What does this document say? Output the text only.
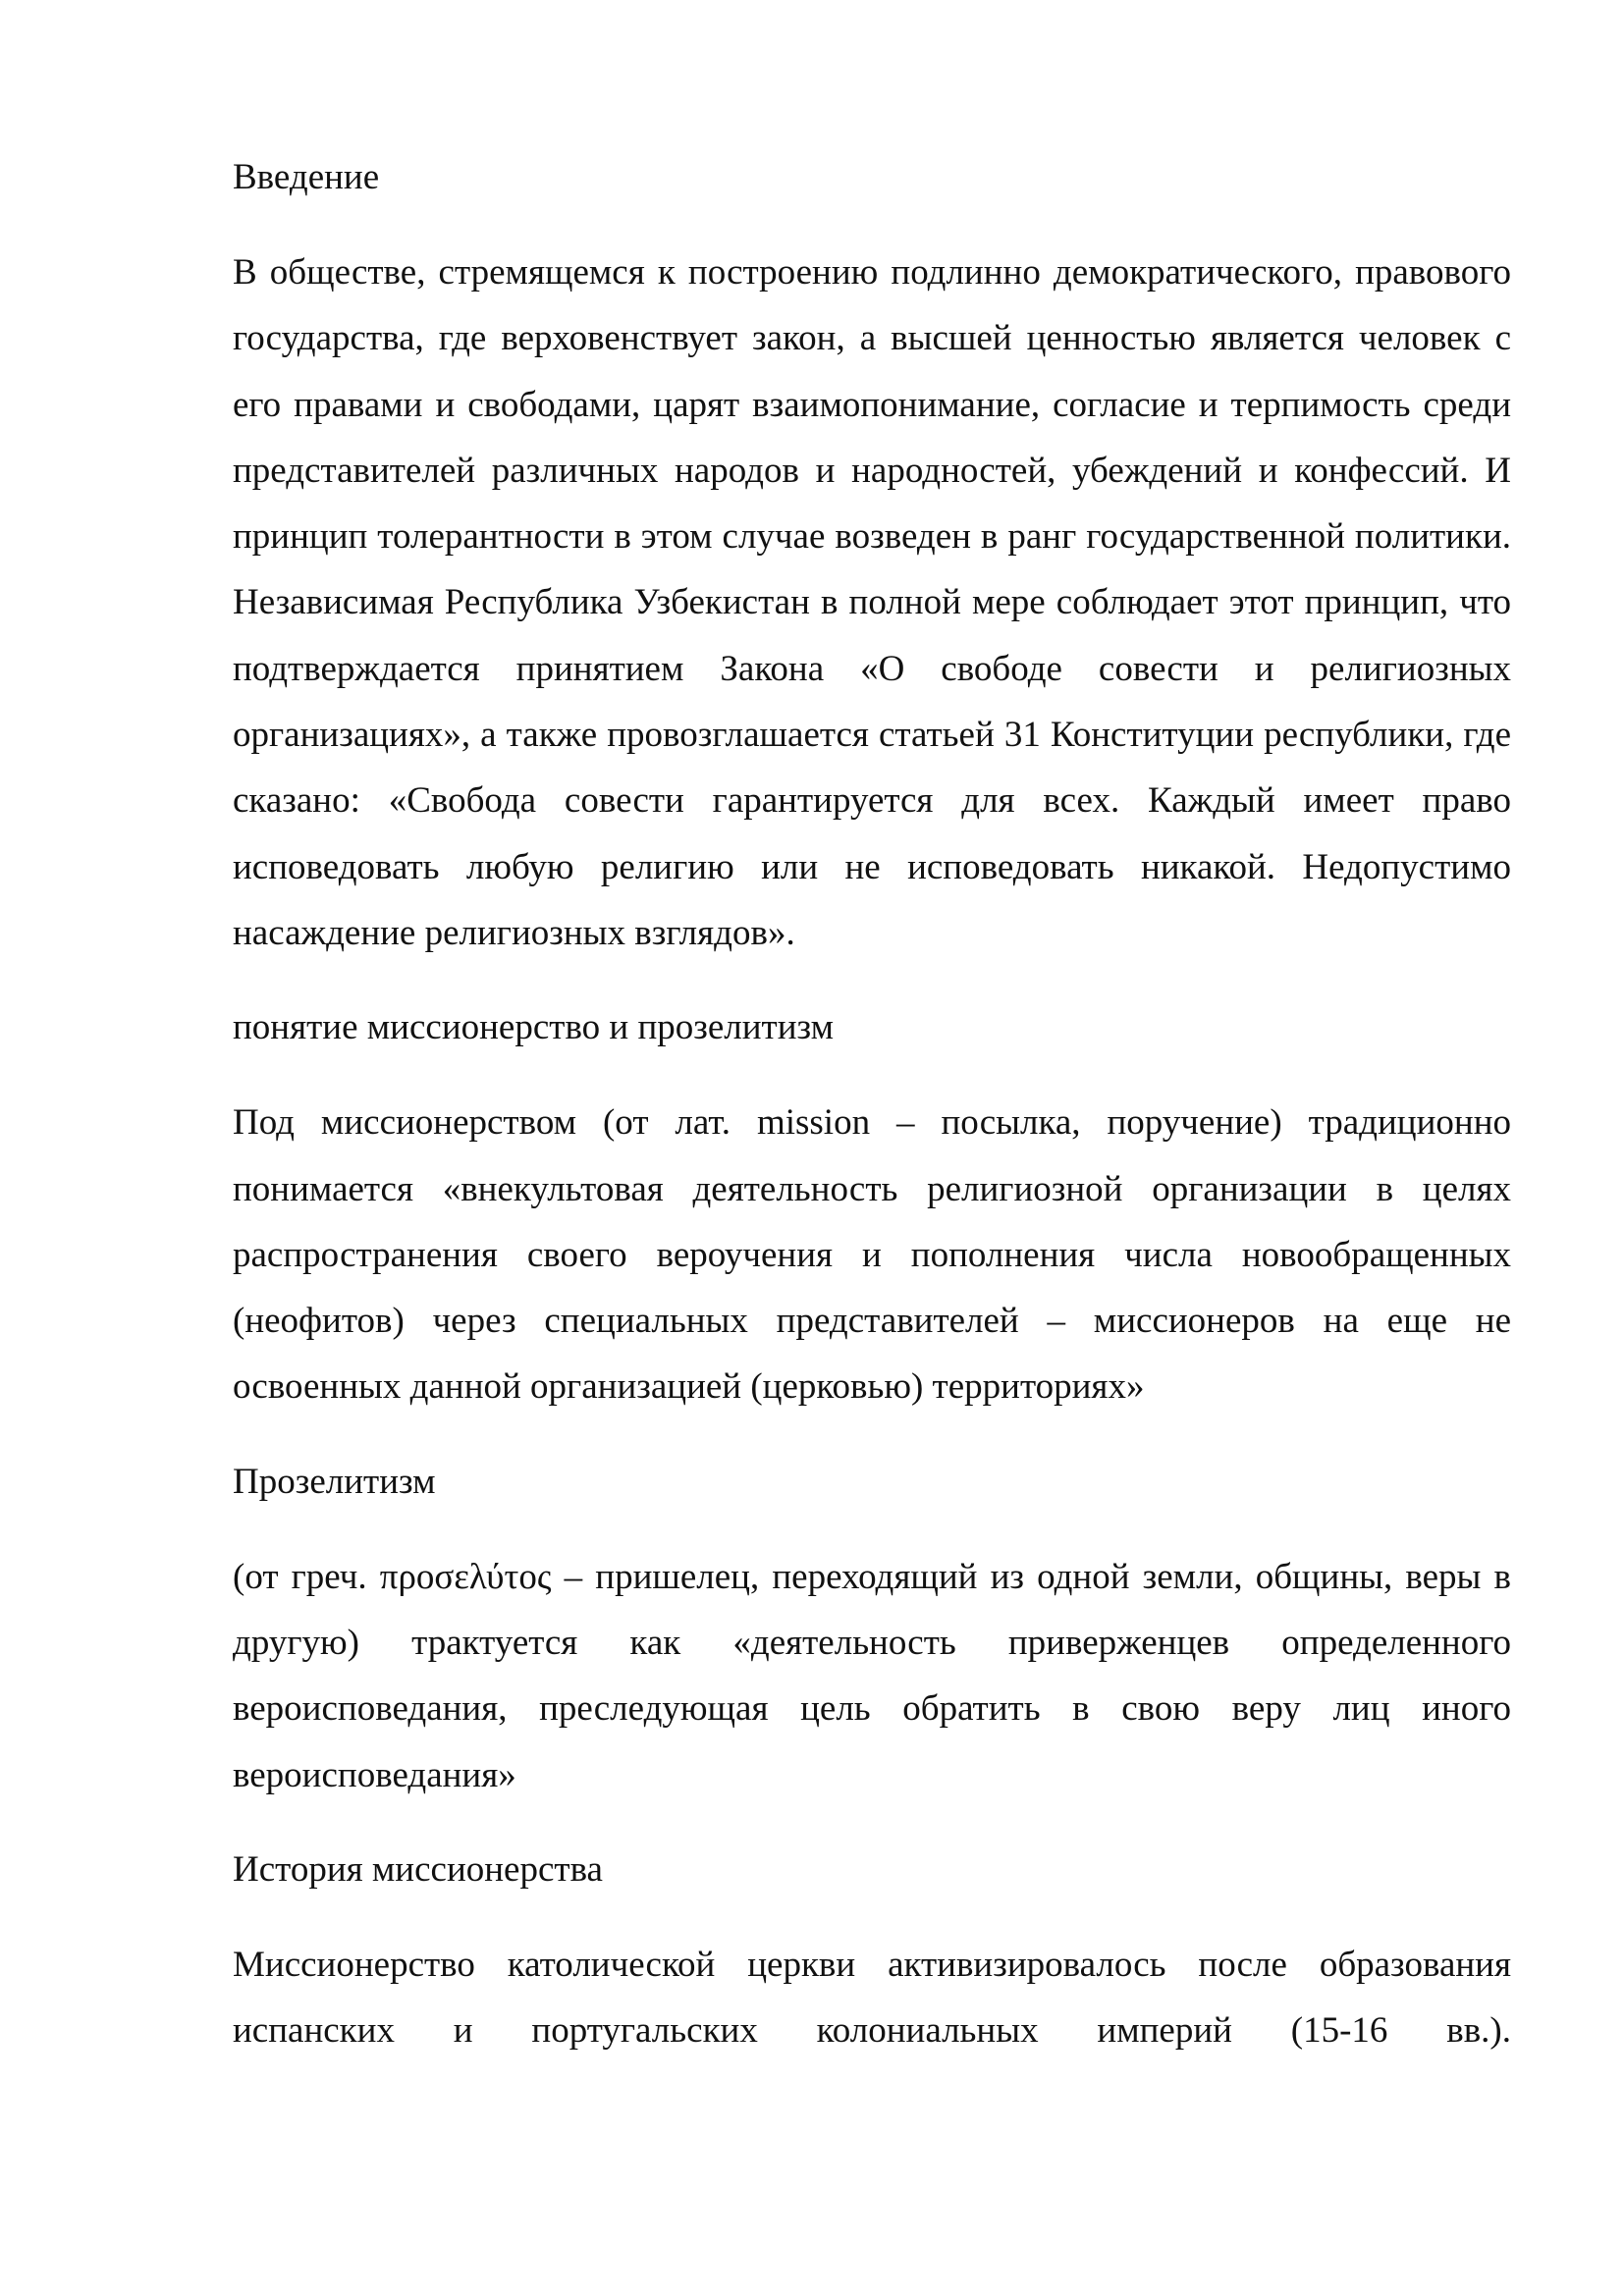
Введение

В обществе, стремящемся к построению подлинно демократического, правового государства, где верховенствует закон, а высшей ценностью является человек с его правами и свободами, царят взаимопонимание, согласие и терпимость среди представителей различных народов и народностей, убеждений и конфессий. И принцип толерантности в этом случае возведен в ранг государственной политики. Независимая Республика Узбекистан в полной мере соблюдает этот принцип, что подтверждается принятием Закона «О свободе совести и религиозных организациях», а также провозглашается статьей 31 Конституции республики, где сказано: «Свобода совести гарантируется для всех. Каждый имеет право исповедовать любую религию или не исповедовать никакой. Недопустимо насаждение религиозных взглядов».

понятие миссионерство и прозелитизм

Под миссионерством (от лат. mission – посылка, поручение) традиционно понимается «внекультовая деятельность религиозной организации в целях распространения своего вероучения и пополнения числа новообращенных (неофитов) через специальных представителей – миссионеров на еще не освоенных данной организацией (церковью) территориях»

Прозелитизм

(от греч. προσελύτος – пришелец, переходящий из одной земли, общины, веры в другую) трактуется как «деятельность приверженцев определенного вероисповедания, преследующая цель обратить в свою веру лиц иного вероисповедания»

История миссионерства

Миссионерство католической церкви активизировалось после образования испанских и португальских колониальных империй (15-16 вв.).
